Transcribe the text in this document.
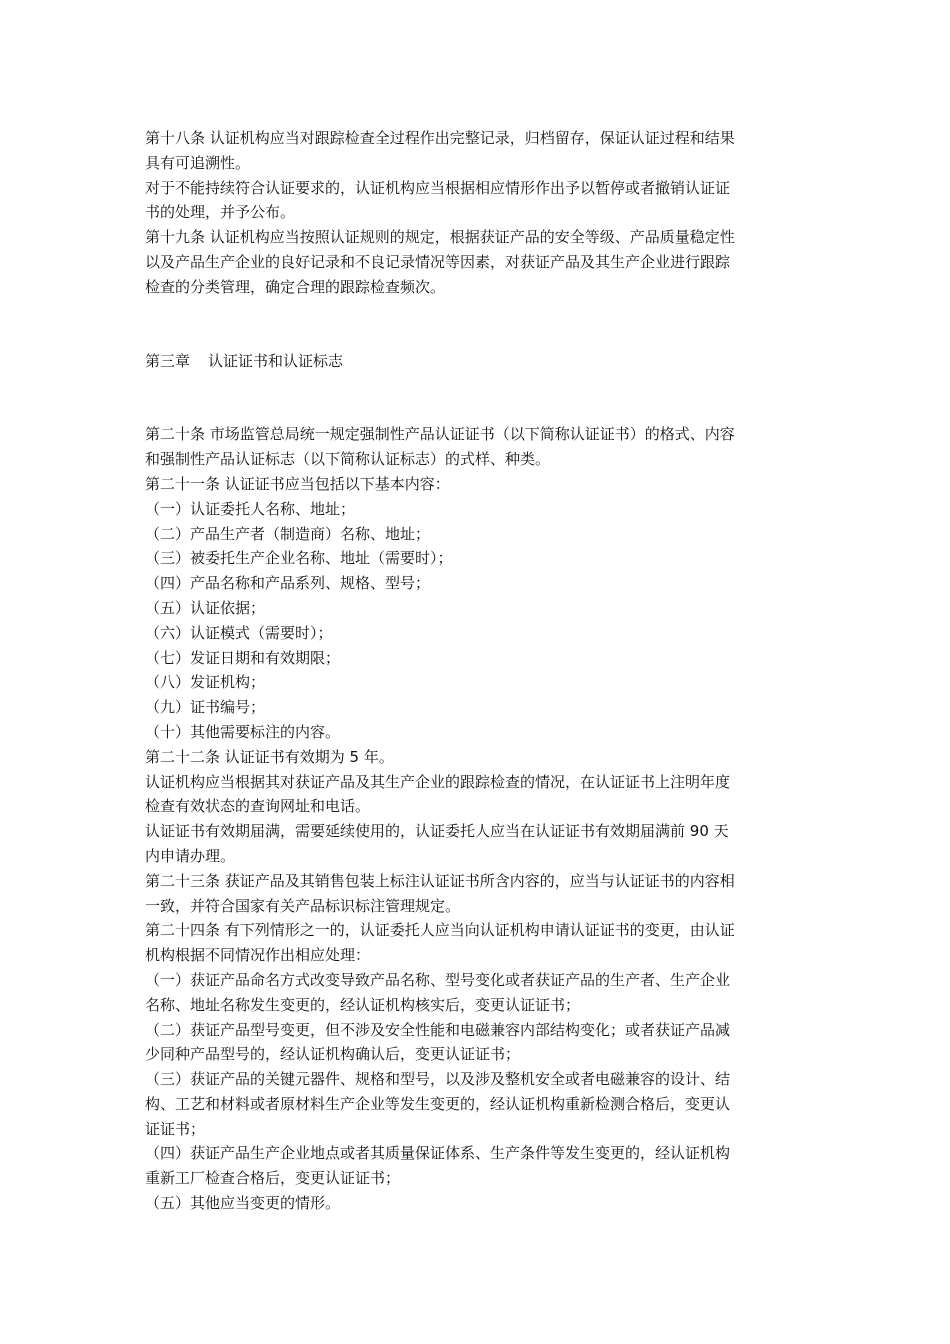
第十八条 认证机构应当对跟踪检查全过程作出完整记录，归档留存，保证认证过程和结果

具有可追溯性。

对于不能持续符合认证要求的，认证机构应当根据相应情形作出予以暂停或者撤销认证证

书的处理，并予公布。

第十九条 认证机构应当按照认证规则的规定，根据获证产品的安全等级、产品质量稳定性

以及产品生产企业的良好记录和不良记录情况等因素，对获证产品及其生产企业进行跟踪

检查的分类管理，确定合理的跟踪检查频次。

第三章 认证证书和认证标志

第二十条 市场监管总局统一规定强制性产品认证证书（以下简称认证证书）的格式、内容

和强制性产品认证标志（以下简称认证标志）的式样、种类。

第二十一条 认证证书应当包括以下基本内容：

（一）认证委托人名称、地址；

（二）产品生产者（制造商）名称、地址；

（三）被委托生产企业名称、地址（需要时）；

（四）产品名称和产品系列、规格、型号；

（五）认证依据；

（六）认证模式（需要时）；

（七）发证日期和有效期限；

（八）发证机构；

（九）证书编号；

（十）其他需要标注的内容。

第二十二条 认证证书有效期为 5 年。

认证机构应当根据其对获证产品及其生产企业的跟踪检查的情况，在认证证书上注明年度

检查有效状态的查询网址和电话。

认证证书有效期届满，需要延续使用的，认证委托人应当在认证证书有效期届满前 90 天

内申请办理。

第二十三条 获证产品及其销售包装上标注认证证书所含内容的，应当与认证证书的内容相

一致，并符合国家有关产品标识标注管理规定。

第二十四条 有下列情形之一的，认证委托人应当向认证机构申请认证证书的变更，由认证

机构根据不同情况作出相应处理：

（一）获证产品命名方式改变导致产品名称、型号变化或者获证产品的生产者、生产企业

名称、地址名称发生变更的，经认证机构核实后，变更认证证书；

（二）获证产品型号变更，但不涉及安全性能和电磁兼容内部结构变化；或者获证产品减

少同种产品型号的，经认证机构确认后，变更认证证书；

（三）获证产品的关键元器件、规格和型号，以及涉及整机安全或者电磁兼容的设计、结

构、工艺和材料或者原材料生产企业等发生变更的，经认证机构重新检测合格后，变更认

证证书；

（四）获证产品生产企业地点或者其质量保证体系、生产条件等发生变更的，经认证机构

重新工厂检查合格后，变更认证证书；

（五）其他应当变更的情形。
